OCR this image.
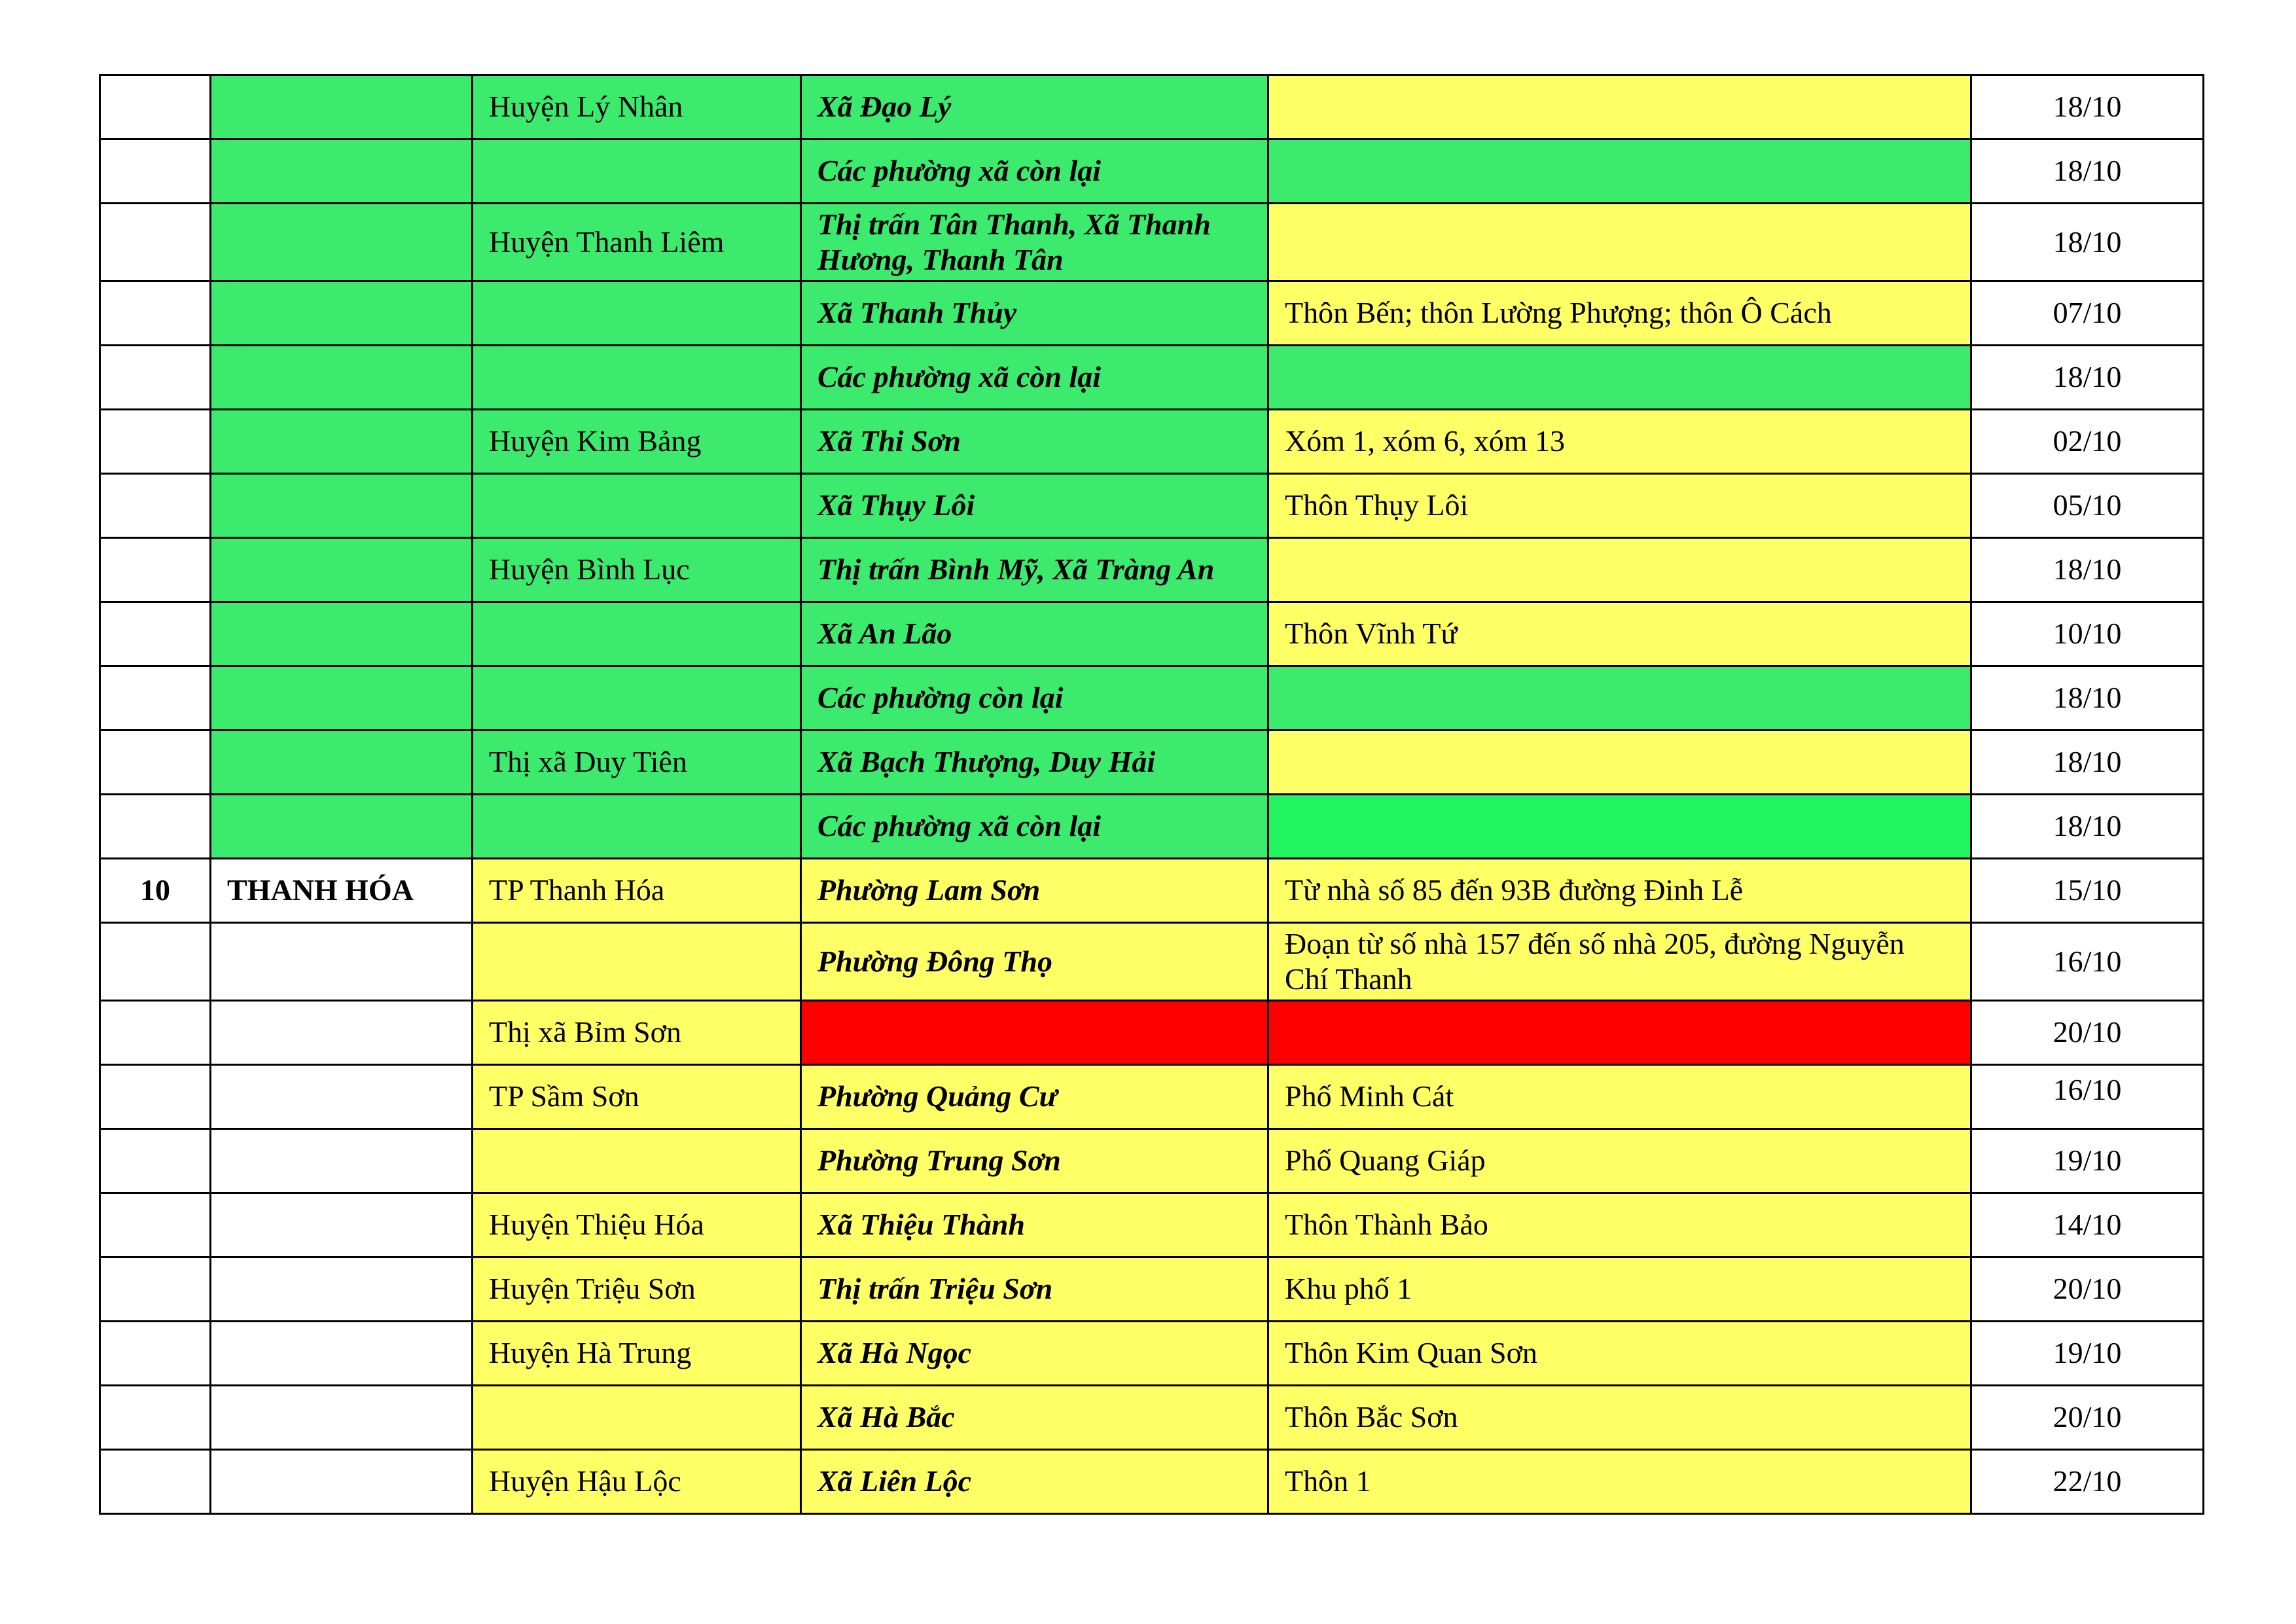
		Huyện Lý Nhân	Xã Đạo Lý		18/10
			Các phường xã còn lại		18/10
		Huyện Thanh Liêm	Thị trấn Tân Thanh, Xã Thanh Hương, Thanh Tân		18/10
			Xã Thanh Thủy	Thôn Bến; thôn Lường Phượng; thôn Ô Cách	07/10
			Các phường xã còn lại		18/10
		Huyện Kim Bảng	Xã Thi Sơn	Xóm 1, xóm 6, xóm 13	02/10
			Xã Thụy Lôi	Thôn Thụy Lôi	05/10
		Huyện Bình Lục	Thị trấn Bình Mỹ, Xã Tràng An		18/10
			Xã An Lão	Thôn Vĩnh Tứ	10/10
			Các phường còn lại		18/10
		Thị xã Duy Tiên	Xã Bạch Thượng, Duy Hải		18/10
			Các phường xã còn lại		18/10
10	THANH HÓA	TP Thanh Hóa	Phường Lam Sơn	Từ nhà số 85 đến 93B đường Đinh Lễ	15/10
			Phường Đông Thọ	Đoạn từ số nhà 157 đến số nhà 205, đường Nguyễn Chí Thanh	16/10
		Thị xã Bỉm Sơn			20/10
		TP Sầm Sơn	Phường Quảng Cư	Phố Minh Cát	16/10
			Phường Trung Sơn	Phố Quang Giáp	19/10
		Huyện Thiệu Hóa	Xã Thiệu Thành	Thôn Thành Bảo	14/10
		Huyện Triệu Sơn	Thị trấn Triệu Sơn	Khu phố 1	20/10
		Huyện Hà Trung	Xã Hà Ngọc	Thôn Kim Quan Sơn	19/10
			Xã Hà Bắc	Thôn Bắc Sơn	20/10
		Huyện Hậu Lộc	Xã Liên Lộc	Thôn 1	22/10
